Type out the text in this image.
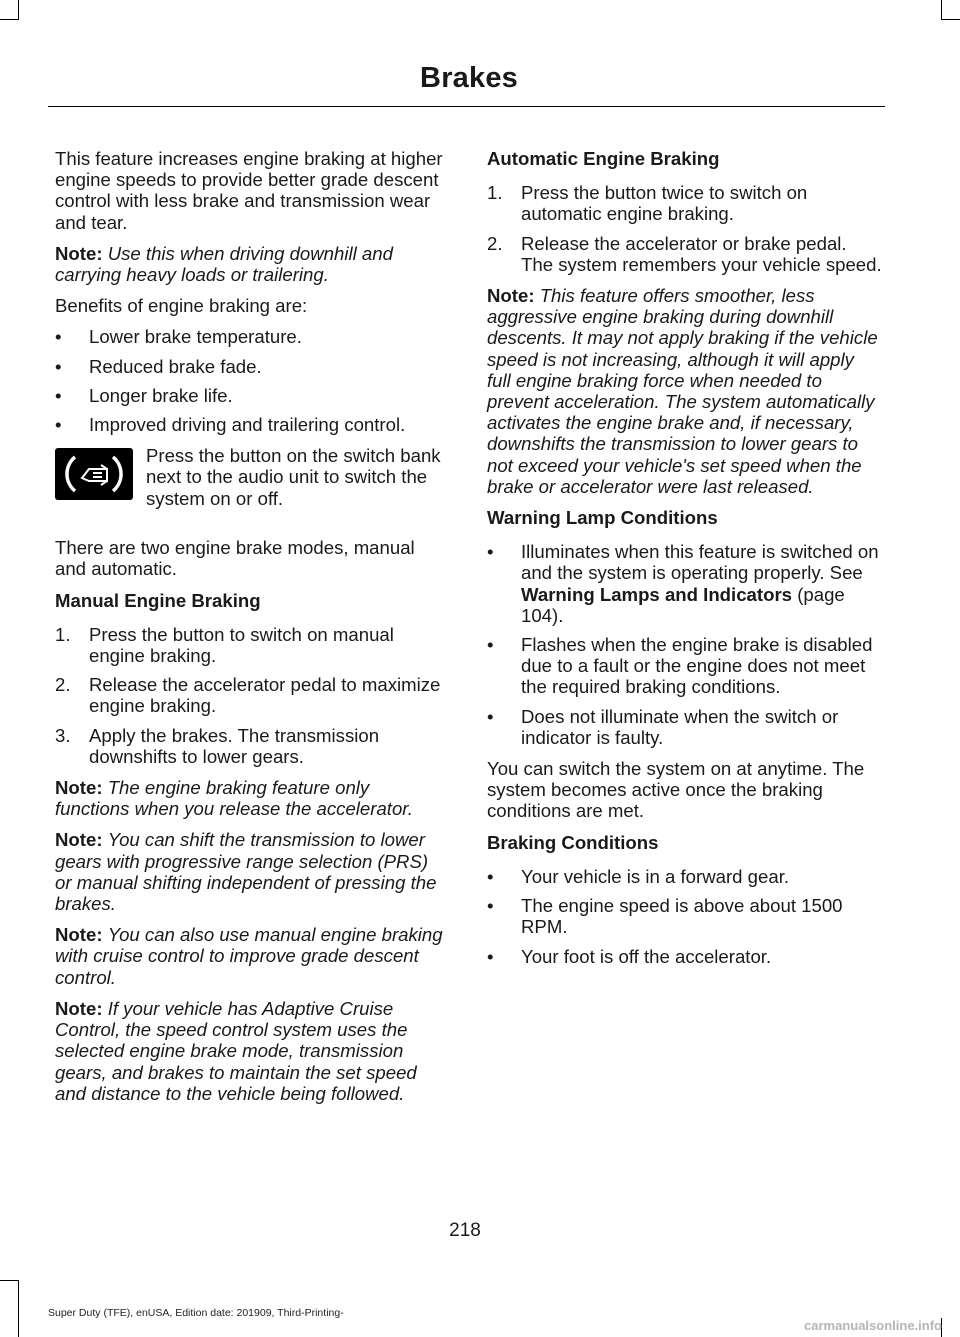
Brakes

This feature increases engine braking at higher engine speeds to provide better grade descent control with less brake and transmission wear and tear.

Note: Use this when driving downhill and carrying heavy loads or trailering.

Benefits of engine braking are:

• Lower brake temperature.
• Reduced brake fade.
• Longer brake life.
• Improved driving and trailering control.
Press the button on the switch bank next to the audio unit to switch the system on or off.

There are two engine brake modes, manual and automatic.

Manual Engine Braking
1. Press the button to switch on manual engine braking.
2. Release the accelerator pedal to maximize engine braking.
3. Apply the brakes. The transmission downshifts to lower gears.

Note: The engine braking feature only functions when you release the accelerator.

Note: You can shift the transmission to lower gears with progressive range selection (PRS) or manual shifting independent of pressing the brakes.

Note: You can also use manual engine braking with cruise control to improve grade descent control.

Note: If your vehicle has Adaptive Cruise Control, the speed control system uses the selected engine brake mode, transmission gears, and brakes to maintain the set speed and distance to the vehicle being followed.

Automatic Engine Braking
1. Press the button twice to switch on automatic engine braking.
2. Release the accelerator or brake pedal. The system remembers your vehicle speed.

Note: This feature offers smoother, less aggressive engine braking during downhill descents. It may not apply braking if the vehicle speed is not increasing, although it will apply full engine braking force when needed to prevent acceleration. The system automatically activates the engine brake and, if necessary, downshifts the transmission to lower gears to not exceed your vehicle's set speed when the brake or accelerator were last released.

Warning Lamp Conditions
• Illuminates when this feature is switched on and the system is operating properly. See Warning Lamps and Indicators (page 104).
• Flashes when the engine brake is disabled due to a fault or the engine does not meet the required braking conditions.
• Does not illuminate when the switch or indicator is faulty.

You can switch the system on at anytime. The system becomes active once the braking conditions are met.

Braking Conditions
• Your vehicle is in a forward gear.
• The engine speed is above about 1500 RPM.
• Your foot is off the accelerator.
218
Super Duty (TFE), enUSA, Edition date: 201909, Third-Printing-
carmanualsonline.info
